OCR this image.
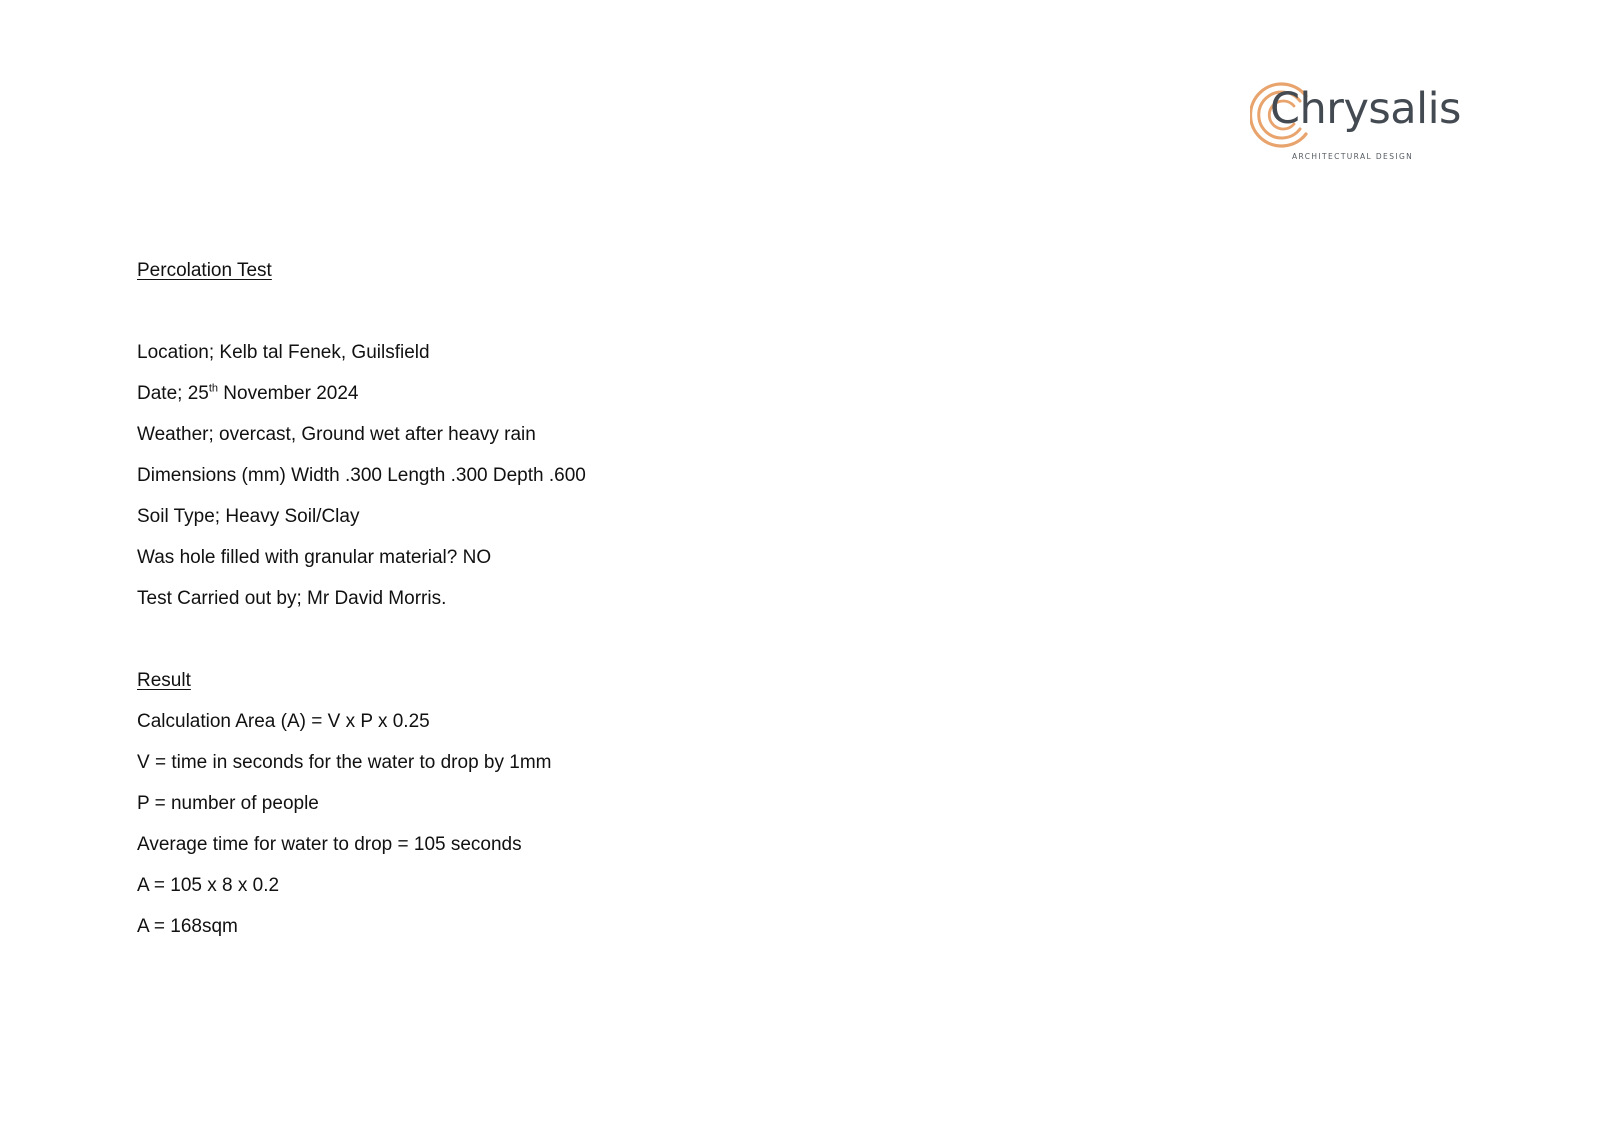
Chrysalis
ARCHITECTURAL DESIGN
Percolation Test
Location; Kelb tal Fenek, Guilsfield
Date; 25th November 2024
Weather; overcast, Ground wet after heavy rain
Dimensions (mm) Width .300 Length .300 Depth .600
Soil Type; Heavy Soil/Clay
Was hole filled with granular material? NO
Test Carried out by; Mr David Morris.
Result
Calculation Area (A) = V x P x 0.25
V = time in seconds for the water to drop by 1mm
P = number of people
Average time for water to drop = 105 seconds
A = 105 x 8 x 0.2
A = 168sqm
